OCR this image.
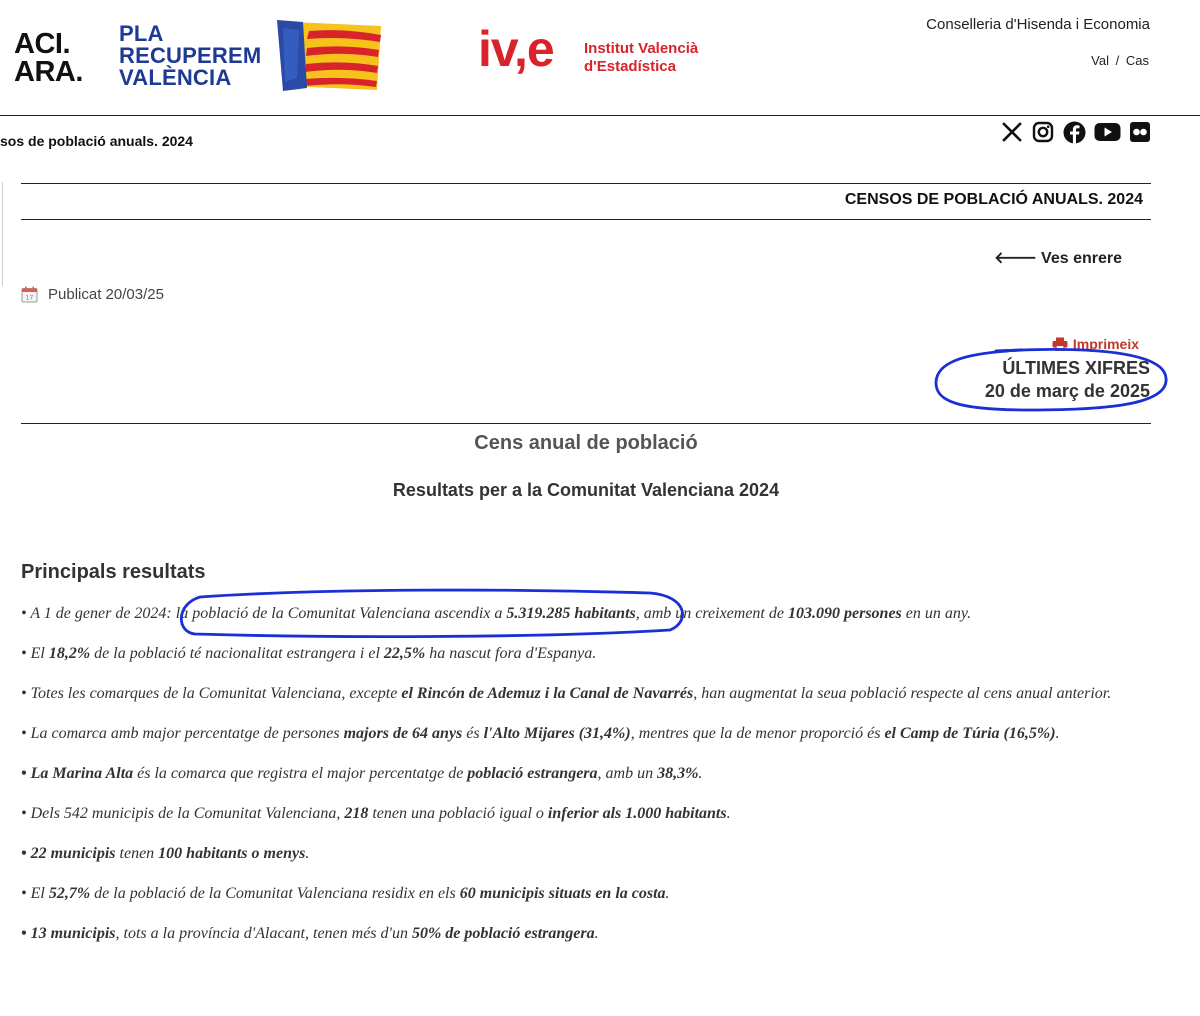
ACI.
ARA.
PLA
RECUPEREM
VALÈNCIA
iv,e Institut Valencià
d'Estadística
Conselleria d'Hisenda i Economia
Val / Cas
sos de població anuals. 2024
CENSOS DE POBLACIÓ ANUALS. 2024
🡐 Ves enrere
17 Publicat 20/03/25
Imprimeix
ÚLTIMES XIFRES
20 de març de 2025
Cens anual de població
Resultats per a la Comunitat Valenciana 2024
Principals resultats
• A 1 de gener de 2024: la població de la Comunitat Valenciana ascendix a 5.319.285 habitants, amb un creixement de 103.090 persones en un any.
• El 18,2% de la població té nacionalitat estrangera i el 22,5% ha nascut fora d'Espanya.
• Totes les comarques de la Comunitat Valenciana, excepte el Rincón de Ademuz i la Canal de Navarrés, han augmentat la seua població respecte al cens anual anterior.
• La comarca amb major percentatge de persones majors de 64 anys és l'Alto Mijares (31,4%), mentres que la de menor proporció és el Camp de Túria (16,5%).
• La Marina Alta és la comarca que registra el major percentatge de població estrangera, amb un 38,3%.
• Dels 542 municipis de la Comunitat Valenciana, 218 tenen una població igual o inferior als 1.000 habitants.
• 22 municipis tenen 100 habitants o menys.
• El 52,7% de la població de la Comunitat Valenciana residix en els 60 municipis situats en la costa.
• 13 municipis, tots a la província d'Alacant, tenen més d'un 50% de població estrangera.
